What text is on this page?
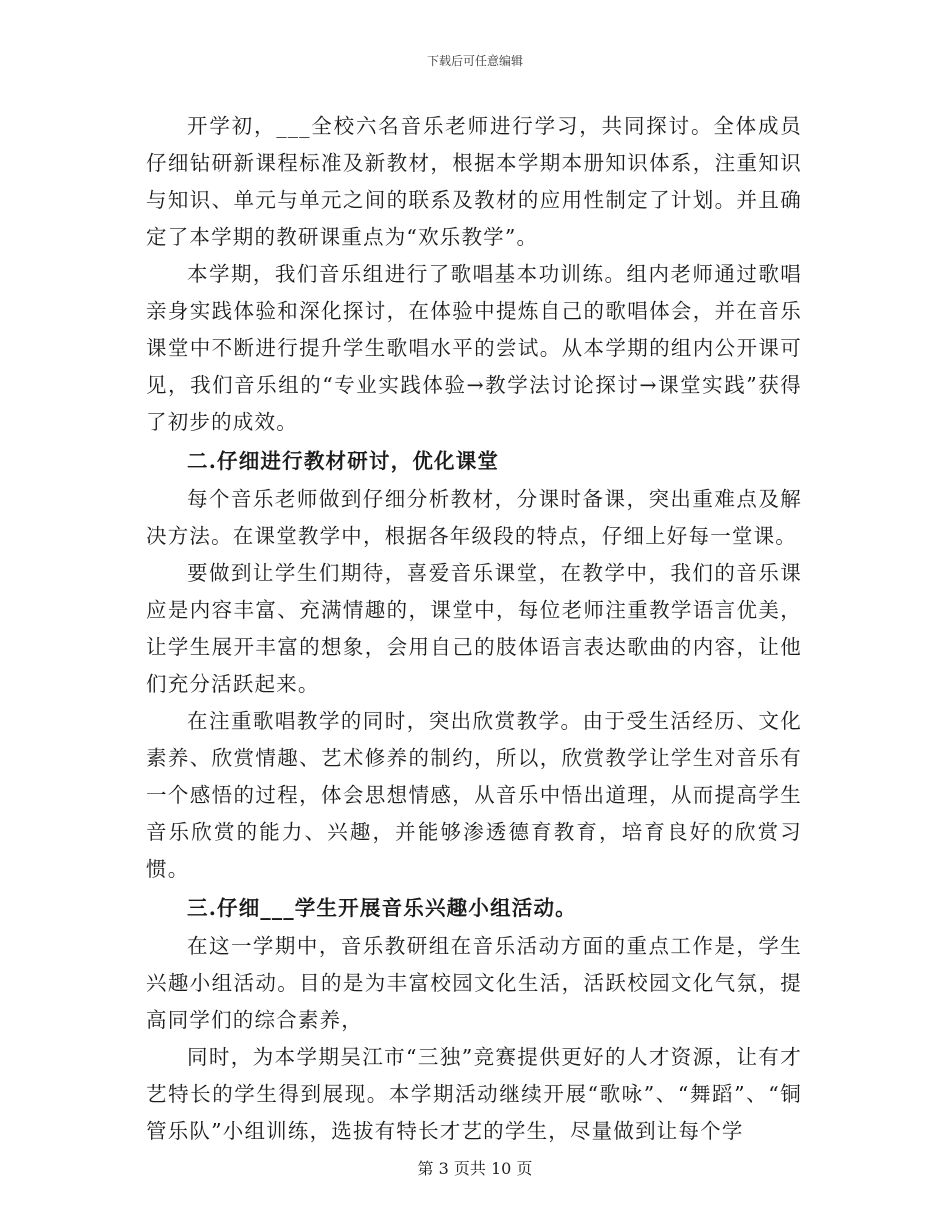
下载后可任意编辑

开学初，___全校六名音乐老师进行学习，共同探讨。全体成员仔细钻研新课程标准及新教材，根据本学期本册知识体系，注重知识与知识、单元与单元之间的联系及教材的应用性制定了计划。并且确定了本学期的教研课重点为“欢乐教学”。

本学期，我们音乐组进行了歌唱基本功训练。组内老师通过歌唱亲身实践体验和深化探讨，在体验中提炼自己的歌唱体会，并在音乐课堂中不断进行提升学生歌唱水平的尝试。从本学期的组内公开课可见，我们音乐组的“专业实践体验→教学法讨论探讨→课堂实践”获得了初步的成效。

二.仔细进行教材研讨，优化课堂

每个音乐老师做到仔细分析教材，分课时备课，突出重难点及解决方法。在课堂教学中，根据各年级段的特点，仔细上好每一堂课。

要做到让学生们期待，喜爱音乐课堂，在教学中，我们的音乐课应是内容丰富、充满情趣的，课堂中，每位老师注重教学语言优美，让学生展开丰富的想象，会用自己的肢体语言表达歌曲的内容，让他们充分活跃起来。

在注重歌唱教学的同时，突出欣赏教学。由于受生活经历、文化素养、欣赏情趣、艺术修养的制约，所以，欣赏教学让学生对音乐有一个感悟的过程，体会思想情感，从音乐中悟出道理，从而提高学生音乐欣赏的能力、兴趣，并能够渗透德育教育，培育良好的欣赏习惯。

三.仔细___学生开展音乐兴趣小组活动。

在这一学期中，音乐教研组在音乐活动方面的重点工作是，学生兴趣小组活动。目的是为丰富校园文化生活，活跃校园文化气氛，提高同学们的综合素养，

同时，为本学期吴江市“三独”竞赛提供更好的人才资源，让有才艺特长的学生得到展现。本学期活动继续开展“歌咏”、“舞蹈”、“铜管乐队”小组训练，选拔有特长才艺的学生，尽量做到让每个学

第 3 页共 10 页
